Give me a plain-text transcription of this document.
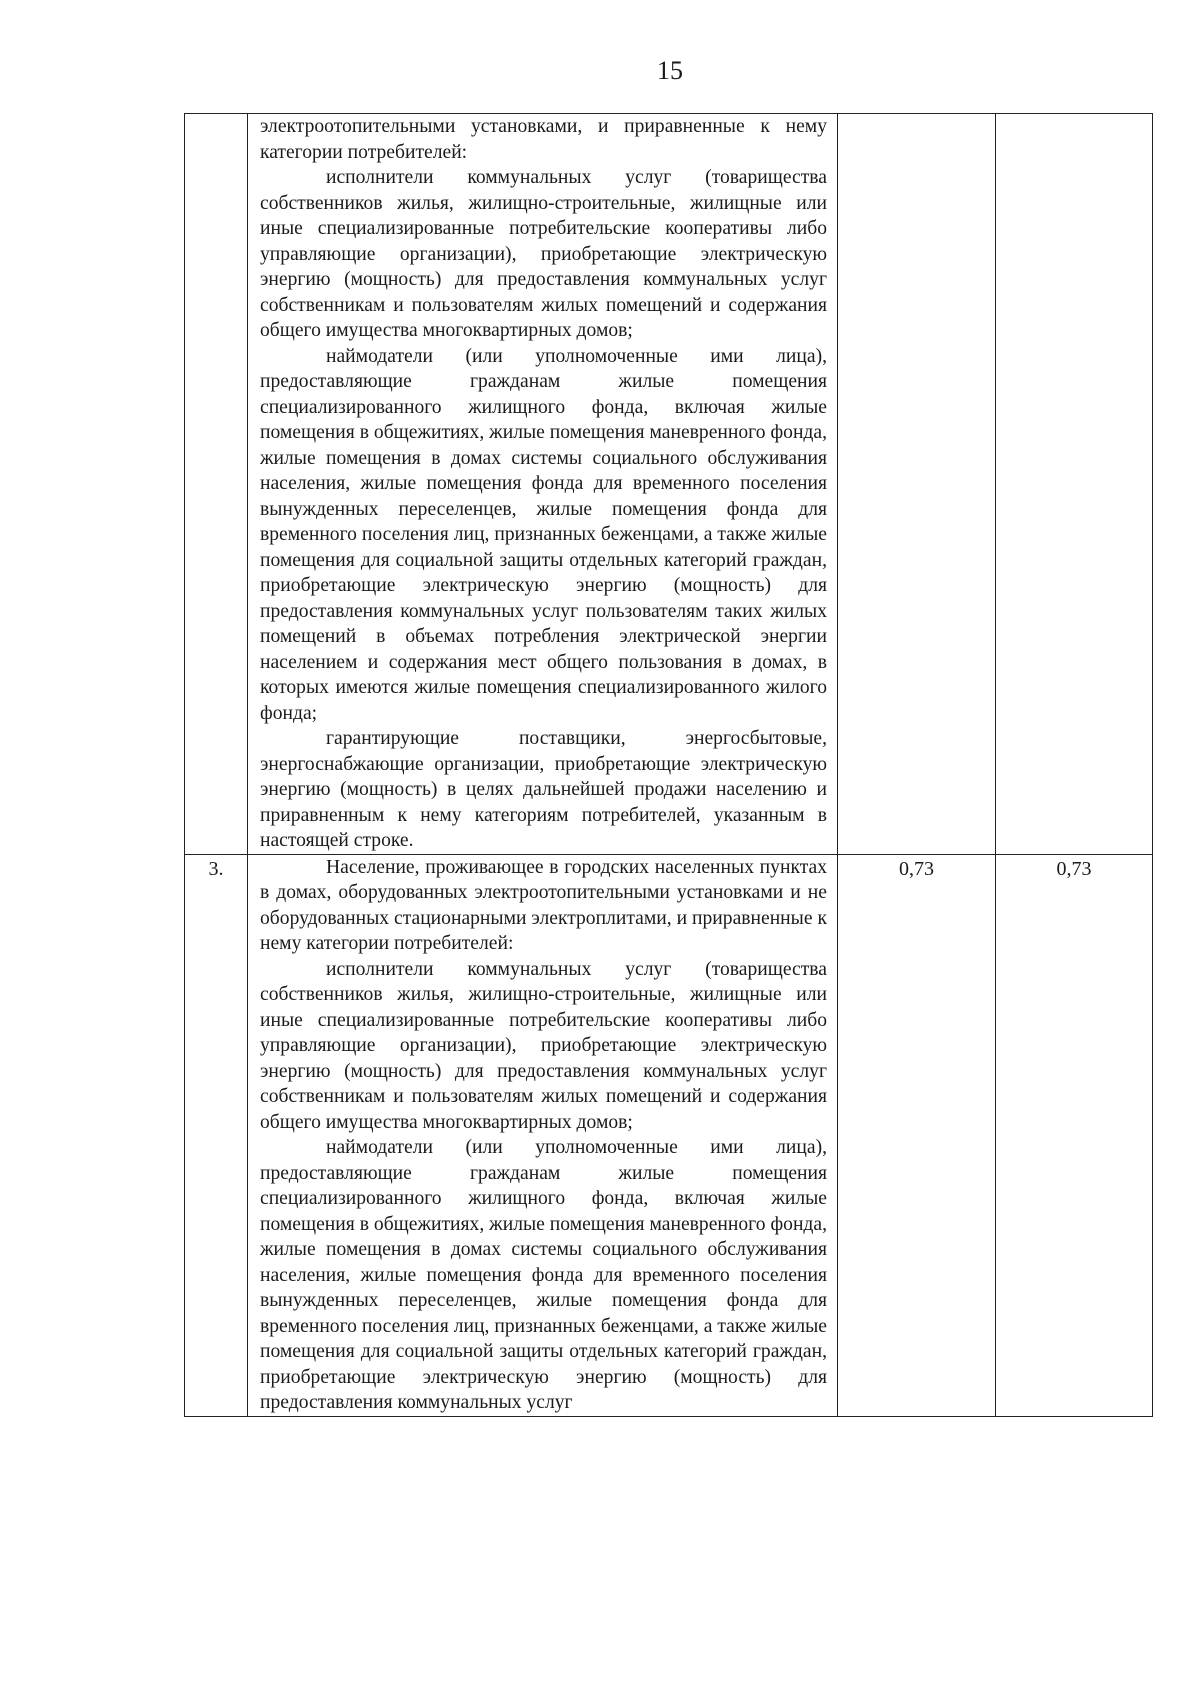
15

	электроотопительными установками, и приравненные к нему категории потребителей:

исполнители коммунальных услуг (товарищества собственников жилья, жилищно-строительные, жилищные или иные специализированные потребительские кооперативы либо управляющие организации), приобретающие электрическую энергию (мощность) для предоставления коммунальных услуг собственникам и пользователям жилых помещений и содержания общего имущества многоквартирных домов;

наймодатели (или уполномоченные ими лица), предоставляющие гражданам жилые помещения специализированного жилищного фонда, включая жилые помещения в общежитиях, жилые помещения маневренного фонда, жилые помещения в домах системы социального обслуживания населения, жилые помещения фонда для временного поселения вынужденных переселенцев, жилые помещения фонда для временного поселения лиц, признанных беженцами, а также жилые помещения для социальной защиты отдельных категорий граждан, приобретающие электрическую энергию (мощность) для предоставления коммунальных услуг пользователям таких жилых помещений в объемах потребления электрической энергии населением и содержания мест общего пользования в домах, в которых имеются жилые помещения специализированного жилого фонда;

гарантирующие поставщики, энергосбытовые, энергоснабжающие организации, приобретающие электрическую энергию (мощность) в целях дальнейшей продажи населению и приравненным к нему категориям потребителей, указанным в настоящей строке.		

3.	Население, проживающее в городских населенных пунктах в домах, оборудованных электроотопительными установками и не оборудованных стационарными электроплитами, и приравненные к нему категории потребителей:

исполнители коммунальных услуг (товарищества собственников жилья, жилищно-строительные, жилищные или иные специализированные потребительские кооперативы либо управляющие организации), приобретающие электрическую энергию (мощность) для предоставления коммунальных услуг собственникам и пользователям жилых помещений и содержания общего имущества многоквартирных домов;

наймодатели (или уполномоченные ими лица), предоставляющие гражданам жилые помещения специализированного жилищного фонда, включая жилые помещения в общежитиях, жилые помещения маневренного фонда, жилые помещения в домах системы социального обслуживания населения, жилые помещения фонда для временного поселения вынужденных переселенцев, жилые помещения фонда для временного поселения лиц, признанных беженцами, а также жилые помещения для социальной защиты отдельных категорий граждан, приобретающие электрическую энергию (мощность) для предоставления коммунальных услуг	0,73	0,73
